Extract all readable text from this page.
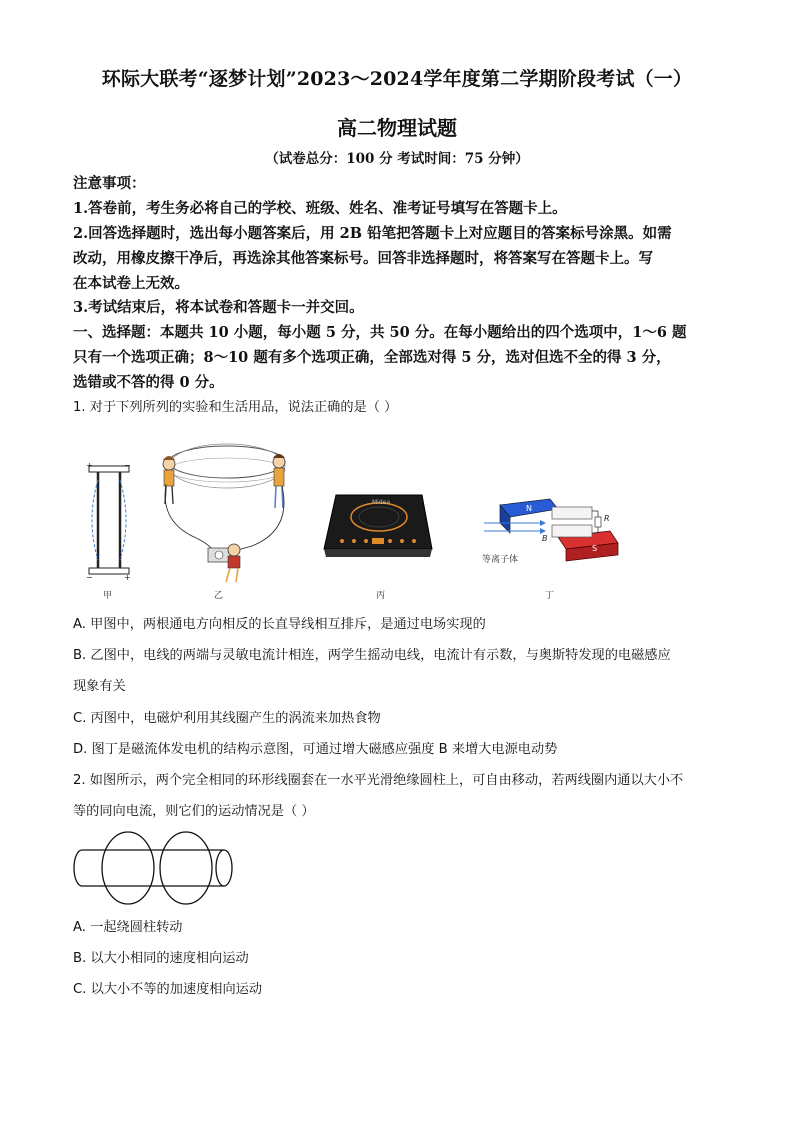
环际大联考“逐梦计划”2023～2024学年度第二学期阶段考试（一）
高二物理试题
（试卷总分：100 分 考试时间：75 分钟）
注意事项：
1.答卷前，考生务必将自己的学校、班级、姓名、准考证号填写在答题卡上。
2.回答选择题时，选出每小题答案后，用 2B 铅笔把答题卡上对应题目的答案标号涂黑。如需
改动，用橡皮擦干净后，再选涂其他答案标号。回答非选择题时，将答案写在答题卡上。写
在本试卷上无效。
3.考试结束后，将本试卷和答题卡一并交回。
一、选择题：本题共 10 小题，每小题 5 分，共 50 分。在每小题给出的四个选项中，1～6 题
只有一个选项正确；8～10 题有多个选项正确，全部选对得 5 分，选对但选不全的得 3 分，
选错或不答的得 0 分。
1. 对于下列所列的实验和生活用品，说法正确的是（ ）
+	−
−	+
Midea
N
S
B
R
等离子体
甲	乙	丙	丁
A. 甲图中，两根通电方向相反的长直导线相互排斥，是通过电场实现的
B. 乙图中，电线的两端与灵敏电流计相连，两学生摇动电线，电流计有示数，与奥斯特发现的电磁感应
现象有关
C. 丙图中，电磁炉利用其线圈产生的涡流来加热食物
D. 图丁是磁流体发电机的结构示意图，可通过增大磁感应强度 B 来增大电源电动势
2. 如图所示，两个完全相同的环形线圈套在一水平光滑绝缘圆柱上，可自由移动，若两线圈内通以大小不
等的同向电流，则它们的运动情况是（ ）
A. 一起绕圆柱转动
B. 以大小相同的速度相向运动
C. 以大小不等的加速度相向运动
